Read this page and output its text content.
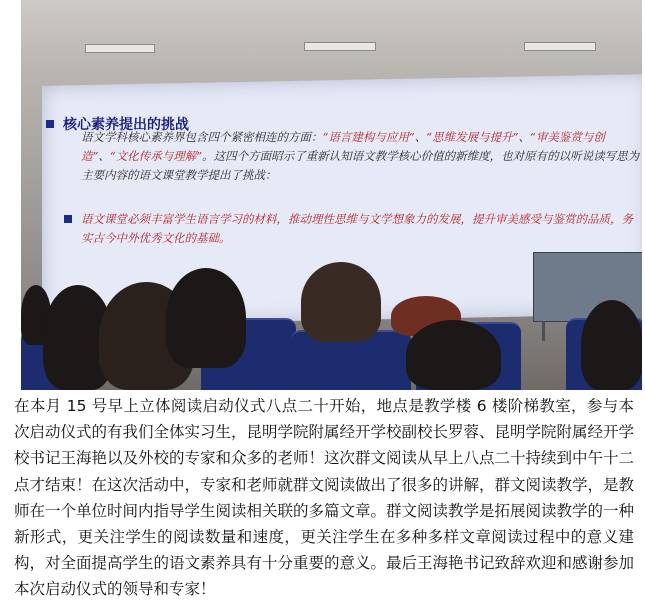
核心素养提出的挑战
语文学科核心素养界包含四个紧密相连的方面：“语言建构与应用”、“思维发展与提升”、“审美鉴赏与创造”、“文化传承与理解”。这四个方面昭示了重新认知语文教学核心价值的新维度，也对原有的以听说读写思为主要内容的语文课堂教学提出了挑战：
语文课堂必须丰富学生语言学习的材料，推动理性思维与文学想象力的发展，提升审美感受与鉴赏的品质，务实古今中外优秀文化的基础。
在本月 15 号早上立体阅读启动仪式八点二十开始，地点是教学楼 6 楼阶梯教室，参与本次启动仪式的有我们全体实习生，昆明学院附属经开学校副校长罗蓉、昆明学院附属经开学校书记王海艳以及外校的专家和众多的老师！这次群文阅读从早上八点二十持续到中午十二点才结束！在这次活动中，专家和老师就群文阅读做出了很多的讲解，群文阅读教学，是教师在一个单位时间内指导学生阅读相关联的多篇文章。群文阅读教学是拓展阅读教学的一种新形式，更关注学生的阅读数量和速度，更关注学生在多种多样文章阅读过程中的意义建构，对全面提高学生的语文素养具有十分重要的意义。最后王海艳书记致辞欢迎和感谢参加本次启动仪式的领导和专家！
